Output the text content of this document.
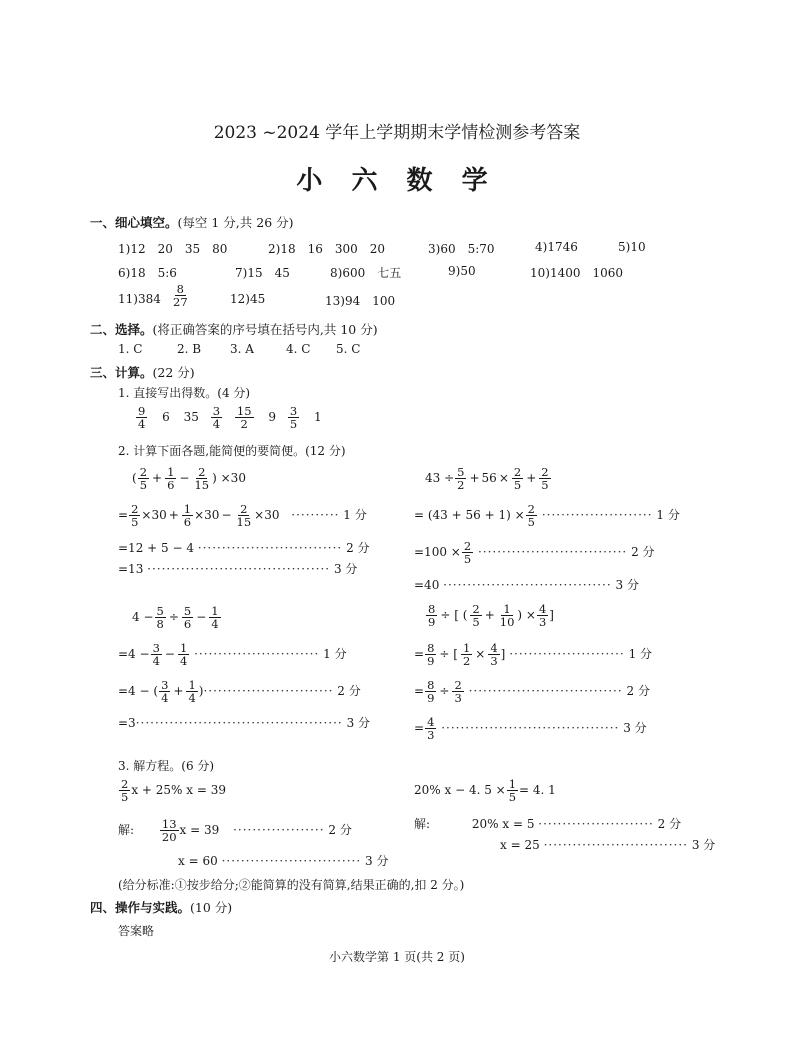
2023 ~2024 学年上学期期末学情检测参考答案
小 六 数 学
一、细心填空。(每空 1 分,共 26 分)
1)12　20　35　80	2)18　16　300　20	3)60　5:70	4)1746	5)10
6)18　5:6	7)15　45	8)600　七五	9)50	10)1400　1060
$11)384 \frac{8}{27}$	12)45	13)94　100
二、选择。(将正确答案的序号填在括号内,共 10 分)
1. C	2. B 3. A	4. C 5. C
三、计算。(22 分)
1. 直接写出得数。(4 分)
$\frac{9}{4} 6$ $35 \frac{3}{4}$
$\frac{15}{2} 9 \frac{3}{5} 1$
2. 计算下面各题,能简便的要简便。(12 分)
( $\frac{2}{5} + \frac{1}{6} - \frac{2}{15}$ ) ×30
= $\frac{2}{5} \times 30 + \frac{1}{6} \times 30 - \frac{2}{15} \times 30$ ·········· 1 分
=12 + 5 − 4 ······························ 2 分
=13 ······································ 3 分
$43 \div \frac{5}{2} + 56 \times \frac{2}{5} + \frac{2}{5}$
= $(43 + 56 + 1) \times \frac{2}{5}$ ······················· 1 分
$=100 \times \frac{2}{5}$ ······························· 2 分
=40 ··································· 3 分
$4 - \frac{5}{8} \div \frac{5}{6} - \frac{1}{4}$
$=4 - \frac{3}{4} - \frac{1}{4}$ ·························· 1 分
=4 − ( $\frac{3}{4} + \frac{1}{4}$ )··························· 2 分
=3··········································· 3 分
$\frac{8}{9}$ ÷ [ ( $\frac{2}{5} + \frac{1}{10}$ ) × $\frac{4}{3}$ ]
= $\frac{8}{9}$ ÷ [ $\frac{1}{2} \times \frac{4}{3}$ ] ························ 1 分
= $\frac{8}{9} \div \frac{2}{3}$ ································ 2 分
= $\frac{4}{3}$ ····································· 3 分
3. 解方程。(6 分)
$\frac{2}{5}$ x + 25% x = 39
解: $\frac{13}{20}$ x = 39 ··················· 2 分
x = 60 ····························· 3 分
20% x − 4. $5 \times \frac{1}{5} = 4$. 1
解:	20% x = 5 ························ 2 分
x = 25 ······························ 3 分
(给分标准:①按步给分;②能简算的没有简算,结果正确的,扣 2 分。)
四、操作与实践。(10 分)
答案略
小六数学第 1 页(共 2 页)
